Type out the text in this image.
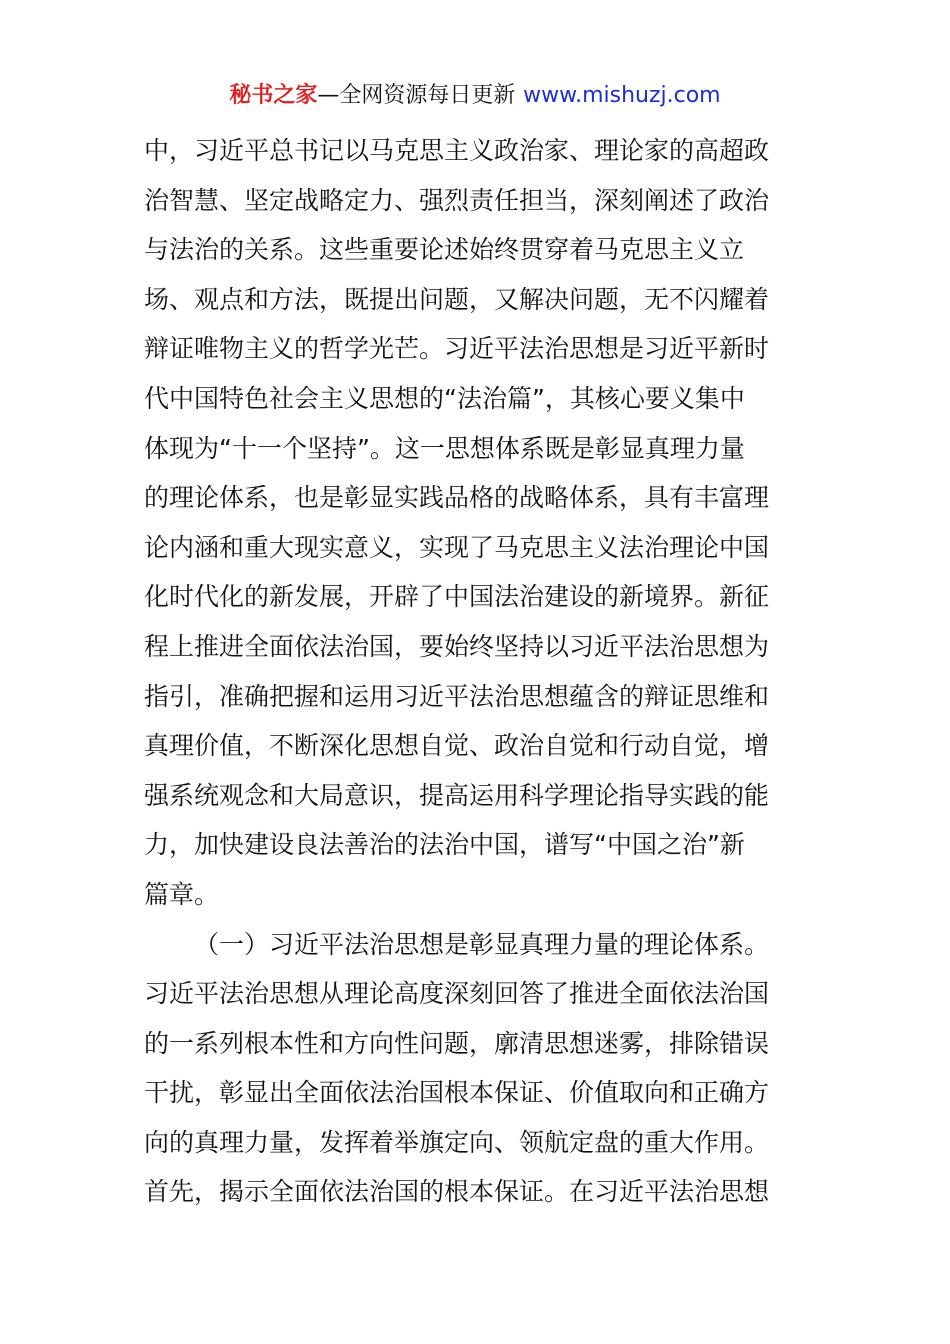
秘书之家—全网资源每日更新 www.mishuzj.com
中，习近平总书记以马克思主义政治家、理论家的高超政
治智慧、坚定战略定力、强烈责任担当，深刻阐述了政治
与法治的关系。这些重要论述始终贯穿着马克思主义立
场、观点和方法，既提出问题，又解决问题，无不闪耀着
辩证唯物主义的哲学光芒。习近平法治思想是习近平新时
代中国特色社会主义思想的“法治篇”，其核心要义集中
体现为“十一个坚持”。这一思想体系既是彰显真理力量
的理论体系，也是彰显实践品格的战略体系，具有丰富理
论内涵和重大现实意义，实现了马克思主义法治理论中国
化时代化的新发展，开辟了中国法治建设的新境界。新征
程上推进全面依法治国，要始终坚持以习近平法治思想为
指引，准确把握和运用习近平法治思想蕴含的辩证思维和
真理价值，不断深化思想自觉、政治自觉和行动自觉，增
强系统观念和大局意识，提高运用科学理论指导实践的能
力，加快建设良法善治的法治中国，谱写“中国之治”新
篇章。
（一）习近平法治思想是彰显真理力量的理论体系。
习近平法治思想从理论高度深刻回答了推进全面依法治国
的一系列根本性和方向性问题，廓清思想迷雾，排除错误
干扰，彰显出全面依法治国根本保证、价值取向和正确方
向的真理力量，发挥着举旗定向、领航定盘的重大作用。
首先，揭示全面依法治国的根本保证。在习近平法治思想
